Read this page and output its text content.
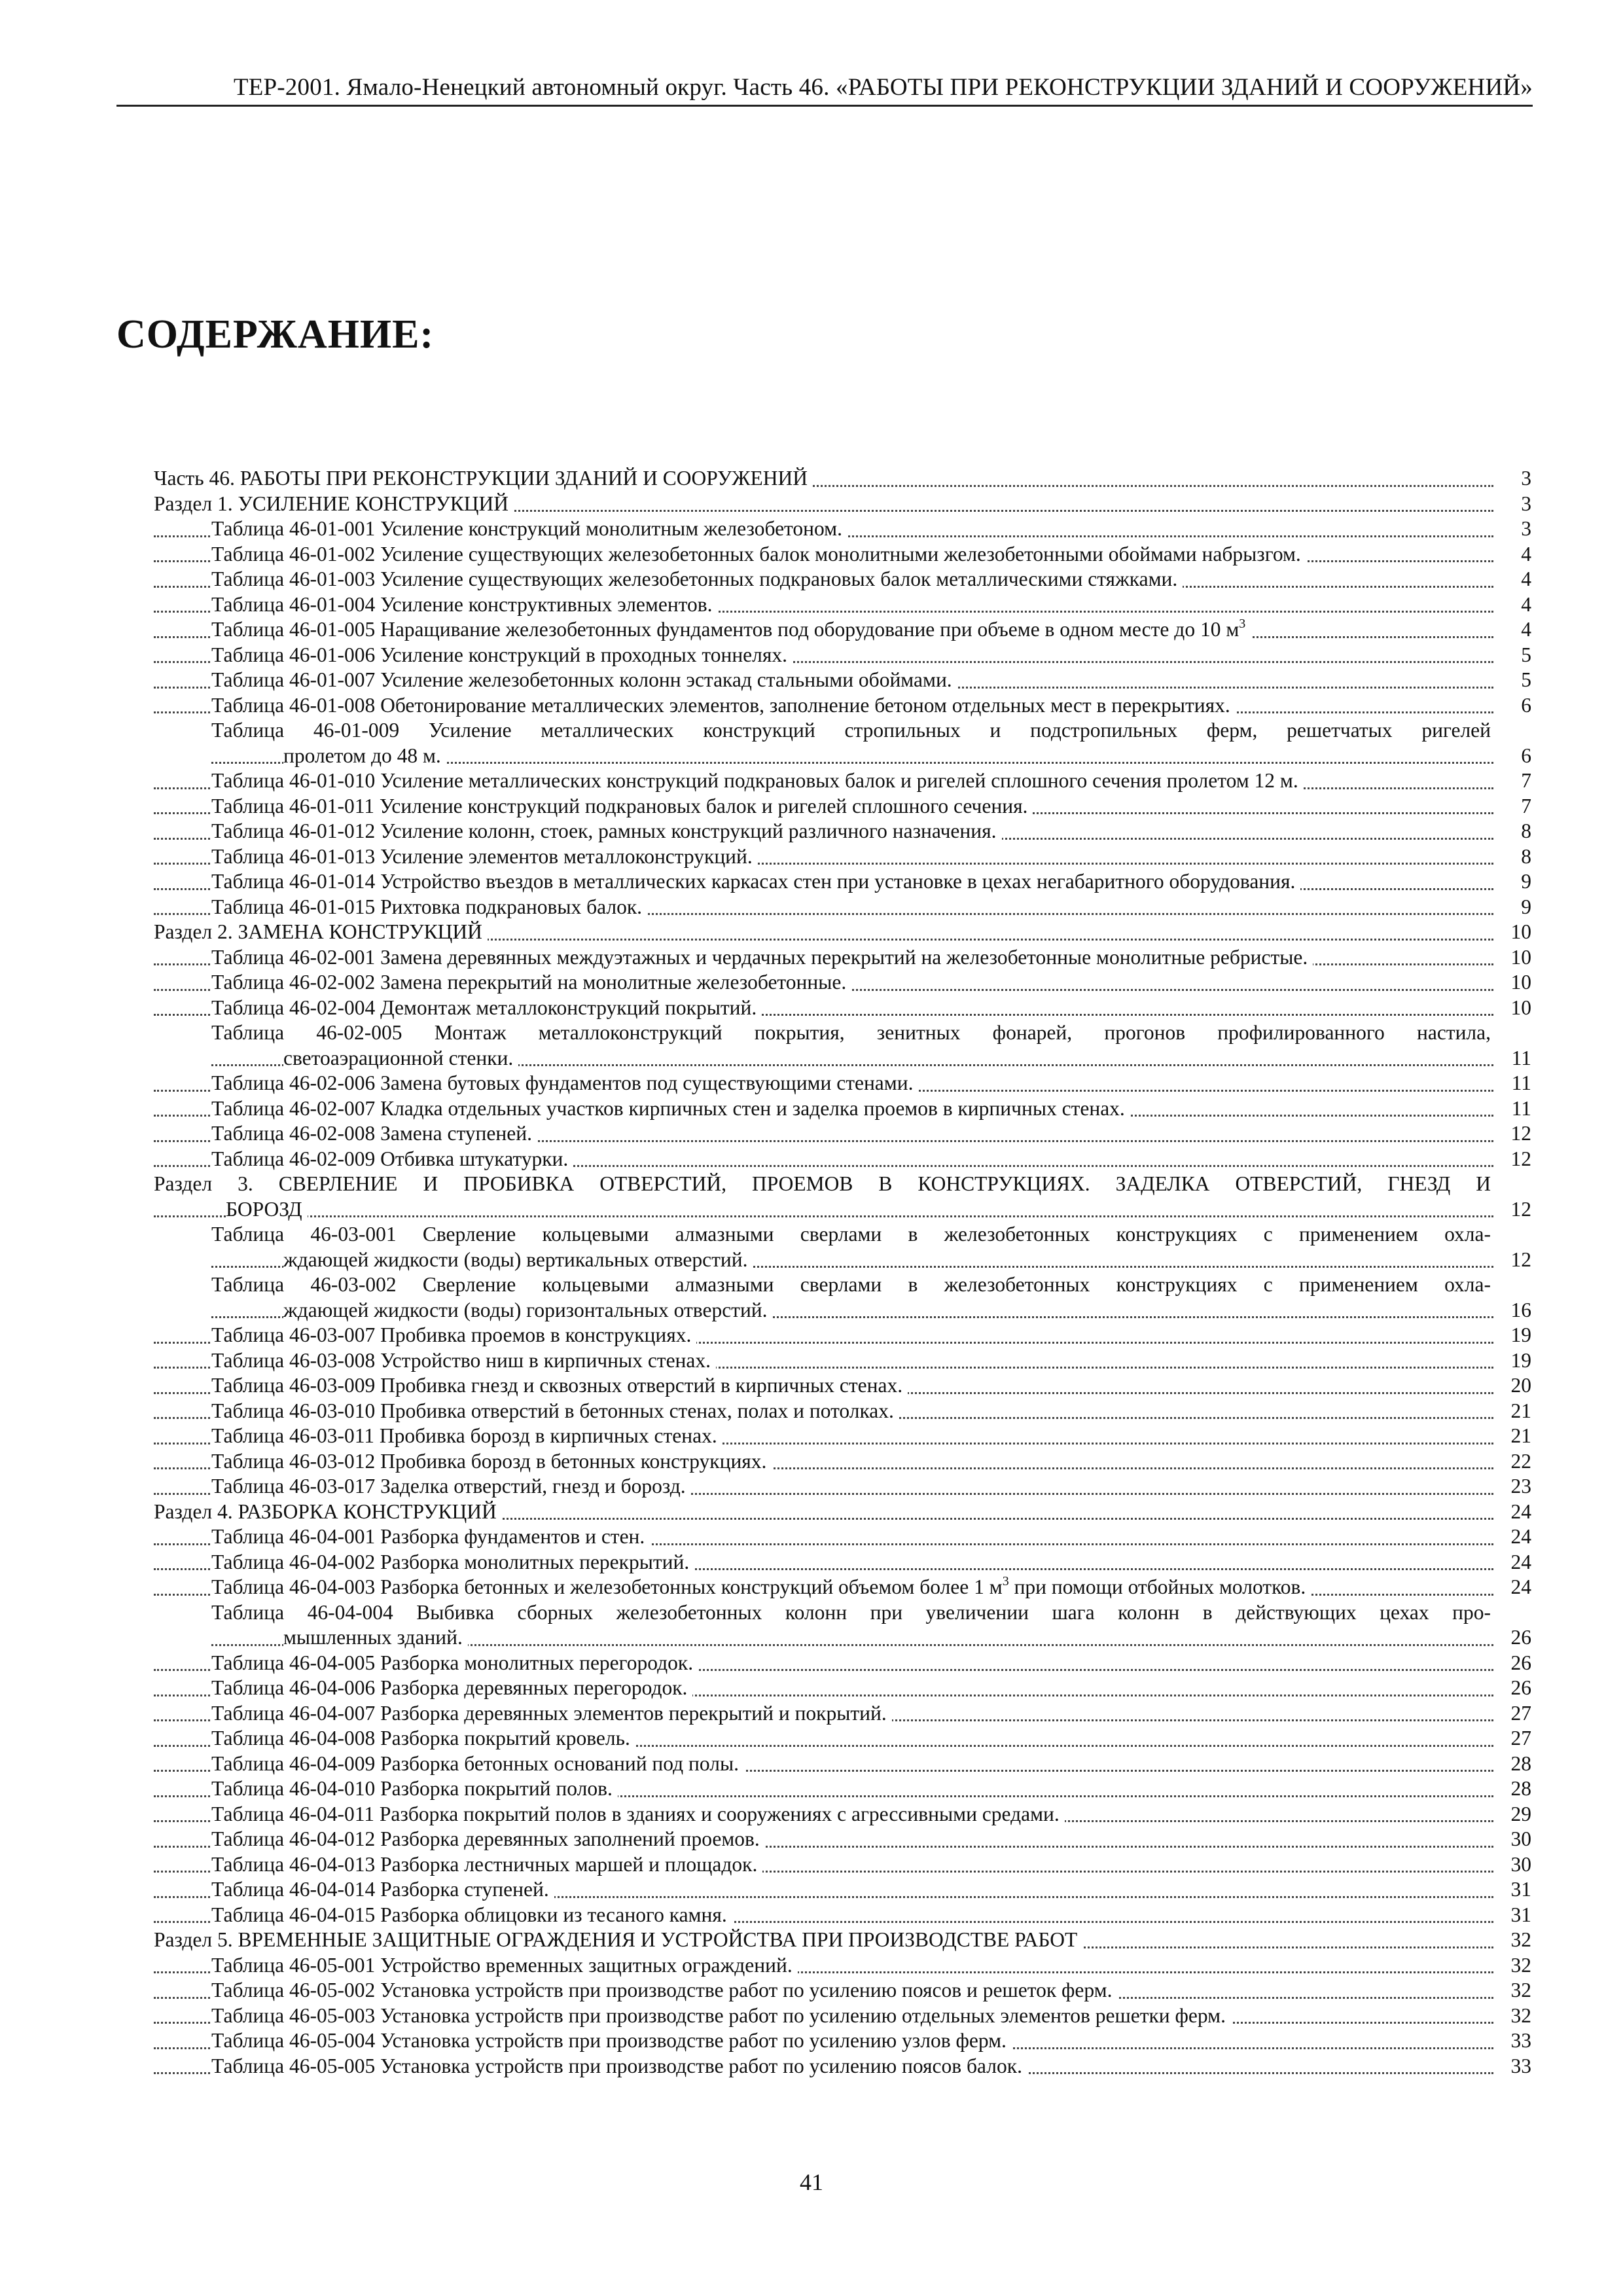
ТЕР-2001. Ямало-Ненецкий автономный округ. Часть 46. «РАБОТЫ ПРИ РЕКОНСТРУКЦИИ ЗДАНИЙ И СООРУЖЕНИЙ»
СОДЕРЖАНИЕ:
Часть 46. РАБОТЫ ПРИ РЕКОНСТРУКЦИИ ЗДАНИЙ И СООРУЖЕНИЙ	3
Раздел 1. УСИЛЕНИЕ КОНСТРУКЦИЙ	3
Таблица 46-01-001 Усиление конструкций монолитным железобетоном.	3
Таблица 46-01-002 Усиление существующих железобетонных балок монолитными железобетонными обоймами набрызгом.	4
Таблица 46-01-003 Усиление существующих железобетонных подкрановых балок металлическими стяжками.	4
Таблица 46-01-004 Усиление конструктивных элементов.	4
Таблица 46-01-005 Наращивание железобетонных фундаментов под оборудование при объеме в одном месте до 10 $м^3$	4
Таблица 46-01-006 Усиление конструкций в проходных тоннелях.	5
Таблица 46-01-007 Усиление железобетонных колонн эстакад стальными обоймами.	5
Таблица 46-01-008 Обетонирование металлических элементов, заполнение бетоном отдельных мест в перекрытиях.	6
Таблица 46-01-009 Усиление металлических конструкций стропильных и подстропильных ферм, решетчатых ригелей
пролетом до 48 м.	6
Таблица 46-01-010 Усиление металлических конструкций подкрановых балок и ригелей сплошного сечения пролетом 12 м.	7
Таблица 46-01-011 Усиление конструкций подкрановых балок и ригелей сплошного сечения.	7
Таблица 46-01-012 Усиление колонн, стоек, рамных конструкций различного назначения.	8
Таблица 46-01-013 Усиление элементов металлоконструкций.	8
Таблица 46-01-014 Устройство въездов в металлических каркасах стен при установке в цехах негабаритного оборудования.	9
Таблица 46-01-015 Рихтовка подкрановых балок.	9
Раздел 2. ЗАМЕНА КОНСТРУКЦИЙ	10
Таблица 46-02-001 Замена деревянных междуэтажных и чердачных перекрытий на железобетонные монолитные ребристые.	10
Таблица 46-02-002 Замена перекрытий на монолитные железобетонные.	10
Таблица 46-02-004 Демонтаж металлоконструкций покрытий.	10
Таблица 46-02-005 Монтаж металлоконструкций покрытия, зенитных фонарей, прогонов профилированного настила,
светоаэрационной стенки.	11
Таблица 46-02-006 Замена бутовых фундаментов под существующими стенами.	11
Таблица 46-02-007 Кладка отдельных участков кирпичных стен и заделка проемов в кирпичных стенах.	11
Таблица 46-02-008 Замена ступеней.	12
Таблица 46-02-009 Отбивка штукатурки.	12
Раздел 3. СВЕРЛЕНИЕ И ПРОБИВКА ОТВЕРСТИЙ, ПРОЕМОВ В КОНСТРУКЦИЯХ. ЗАДЕЛКА ОТВЕРСТИЙ, ГНЕЗД И
БОРОЗД	12
Таблица 46-03-001 Сверление кольцевыми алмазными сверлами в железобетонных конструкциях с применением охла-
ждающей жидкости (воды) вертикальных отверстий.	12
Таблица 46-03-002 Сверление кольцевыми алмазными сверлами в железобетонных конструкциях с применением охла-
ждающей жидкости (воды) горизонтальных отверстий.	16
Таблица 46-03-007 Пробивка проемов в конструкциях.	19
Таблица 46-03-008 Устройство ниш в кирпичных стенах.	19
Таблица 46-03-009 Пробивка гнезд и сквозных отверстий в кирпичных стенах.	20
Таблица 46-03-010 Пробивка отверстий в бетонных стенах, полах и потолках.	21
Таблица 46-03-011 Пробивка борозд в кирпичных стенах.	21
Таблица 46-03-012 Пробивка борозд в бетонных конструкциях.	22
Таблица 46-03-017 Заделка отверстий, гнезд и борозд.	23
Раздел 4. РАЗБОРКА КОНСТРУКЦИЙ	24
Таблица 46-04-001 Разборка фундаментов и стен.	24
Таблица 46-04-002 Разборка монолитных перекрытий.	24
Таблица 46-04-003 Разборка бетонных и железобетонных конструкций объемом более 1 $м^3$ при помощи отбойных молотков.	24
Таблица 46-04-004 Выбивка сборных железобетонных колонн при увеличении шага колонн в действующих цехах про-
мышленных зданий.	26
Таблица 46-04-005 Разборка монолитных перегородок.	26
Таблица 46-04-006 Разборка деревянных перегородок.	26
Таблица 46-04-007 Разборка деревянных элементов перекрытий и покрытий.	27
Таблица 46-04-008 Разборка покрытий кровель.	27
Таблица 46-04-009 Разборка бетонных оснований под полы.	28
Таблица 46-04-010 Разборка покрытий полов.	28
Таблица 46-04-011 Разборка покрытий полов в зданиях и сооружениях с агрессивными средами.	29
Таблица 46-04-012 Разборка деревянных заполнений проемов.	30
Таблица 46-04-013 Разборка лестничных маршей и площадок.	30
Таблица 46-04-014 Разборка ступеней.	31
Таблица 46-04-015 Разборка облицовки из тесаного камня.	31
Раздел 5. ВРЕМЕННЫЕ ЗАЩИТНЫЕ ОГРАЖДЕНИЯ И УСТРОЙСТВА ПРИ ПРОИЗВОДСТВЕ РАБОТ	32
Таблица 46-05-001 Устройство временных защитных ограждений.	32
Таблица 46-05-002 Установка устройств при производстве работ по усилению поясов и решеток ферм.	32
Таблица 46-05-003 Установка устройств при производстве работ по усилению отдельных элементов решетки ферм.	32
Таблица 46-05-004 Установка устройств при производстве работ по усилению узлов ферм.	33
Таблица 46-05-005 Установка устройств при производстве работ по усилению поясов балок.	33
41
